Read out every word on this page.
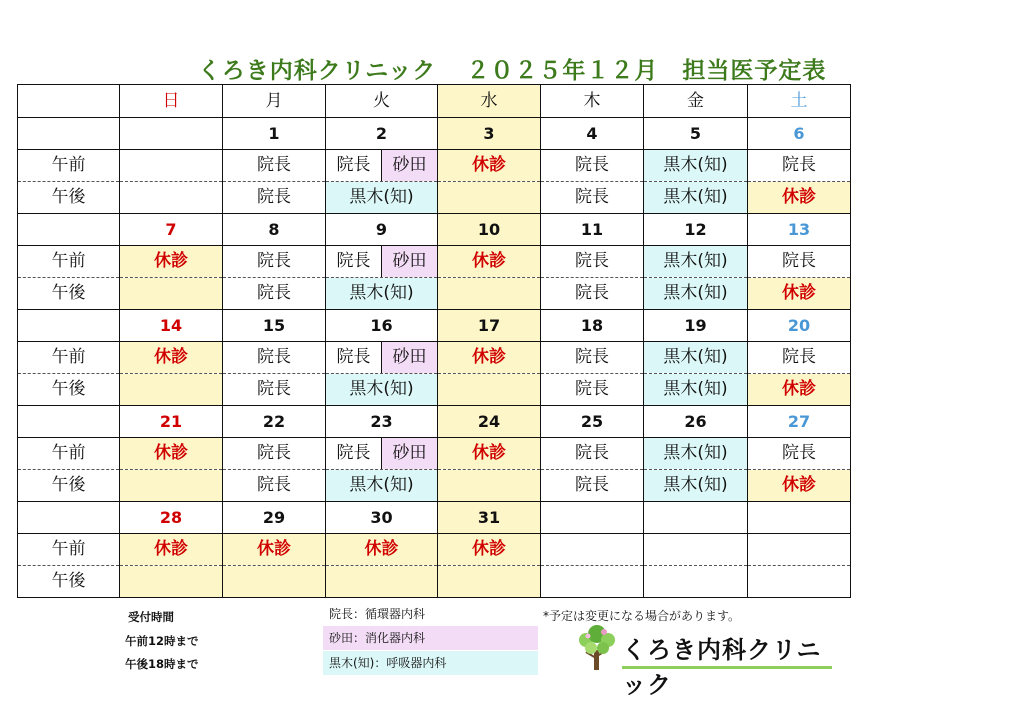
くろき内科クリニック ２０２５年１２月　担当医予定表
	日	月	火	水	木	金	土
		1	2	3	4	5	6
午前		院長	院長 砂田	休診	院長	黒木(知)	院長
午後		院長	黒木(知)		院長	黒木(知)	休診
	7	8	9	10	11	12	13
午前	休診	院長	院長 砂田	休診	院長	黒木(知)	院長
午後		院長	黒木(知)		院長	黒木(知)	休診
	14	15	16	17	18	19	20
午前	休診	院長	院長 砂田	休診	院長	黒木(知)	院長
午後		院長	黒木(知)		院長	黒木(知)	休診
	21	22	23	24	25	26	27
午前	休診	院長	院長 砂田	休診	院長	黒木(知)	院長
午後		院長	黒木(知)		院長	黒木(知)	休診
	28	29	30	31			
午前	休診	休診	休診	休診			
午後							
受付時間
午前12時まで
午後18時まで
院長：循環器内科
砂田：消化器内科
黒木(知)：呼吸器内科
*予定は変更になる場合があります。
くろき内科クリニック
